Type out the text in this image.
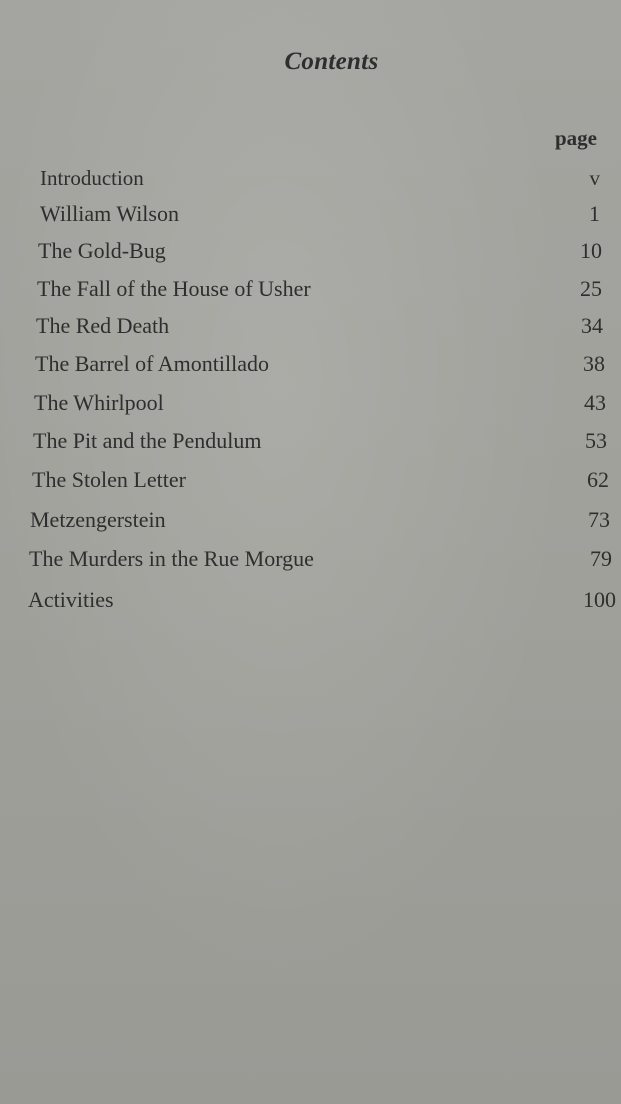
Contents
page
Introduction	v
William Wilson	1
The Gold-Bug	10
The Fall of the House of Usher	25
The Red Death	34
The Barrel of Amontillado	38
The Whirlpool	43
The Pit and the Pendulum	53
The Stolen Letter	62
Metzengerstein	73
The Murders in the Rue Morgue	79
Activities	100
